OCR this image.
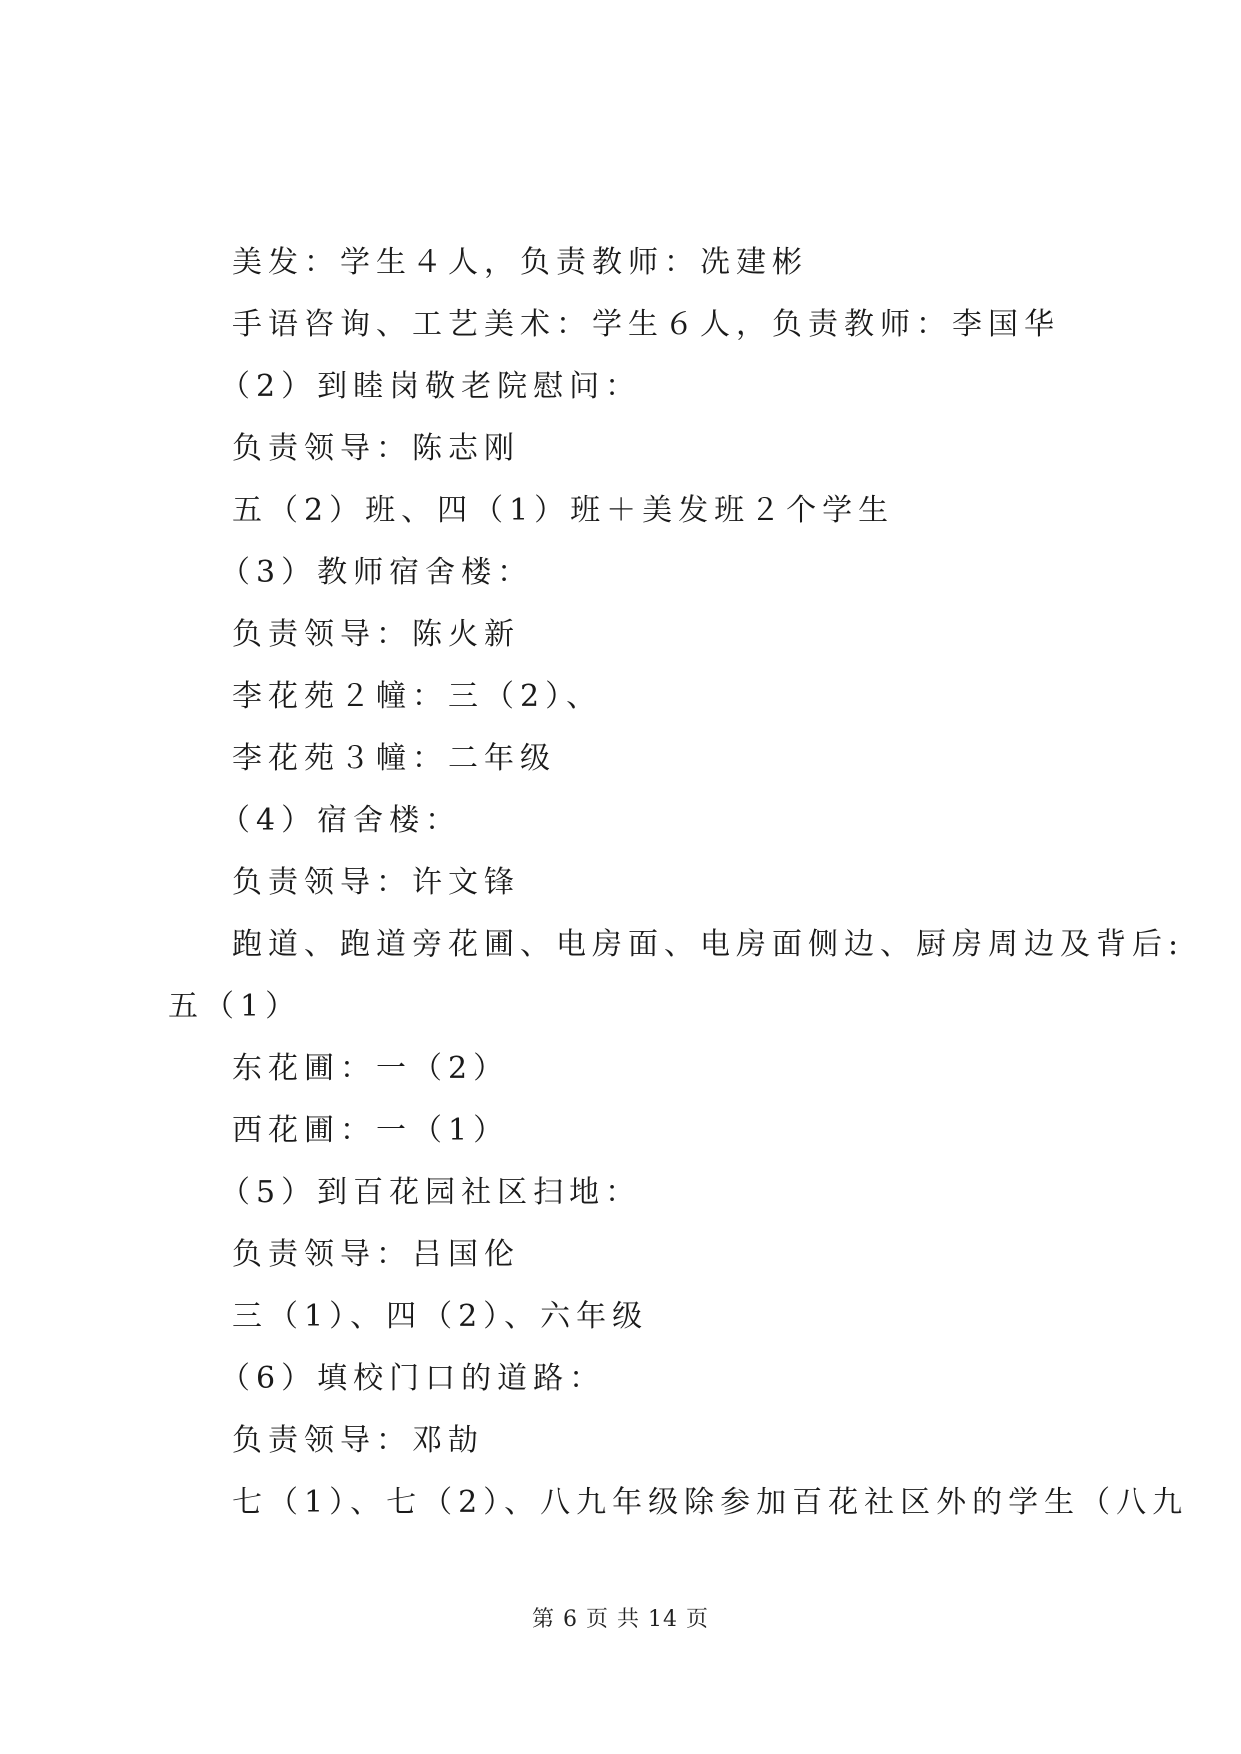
美发：学生４人，负责教师：冼建彬
手语咨询、工艺美术：学生６人，负责教师：李国华
（2）到睦岗敬老院慰问：
负责领导：陈志刚
五（2）班、四（1）班＋美发班２个学生
（3）教师宿舍楼：
负责领导：陈火新
李花苑２幢：三（2）、
李花苑３幢：二年级
（4）宿舍楼：
负责领导：许文锋
跑道、跑道旁花圃、电房面、电房面侧边、厨房周边及背后:
五（1）
东花圃：一（2）
西花圃：一（1）
（5）到百花园社区扫地：
负责领导：吕国伦
三（1）、四（2）、六年级
（6）填校门口的道路：
负责领导：邓劼
七（1）、七（2）、八九年级除参加百花社区外的学生（八九
第 6 页 共 14 页
